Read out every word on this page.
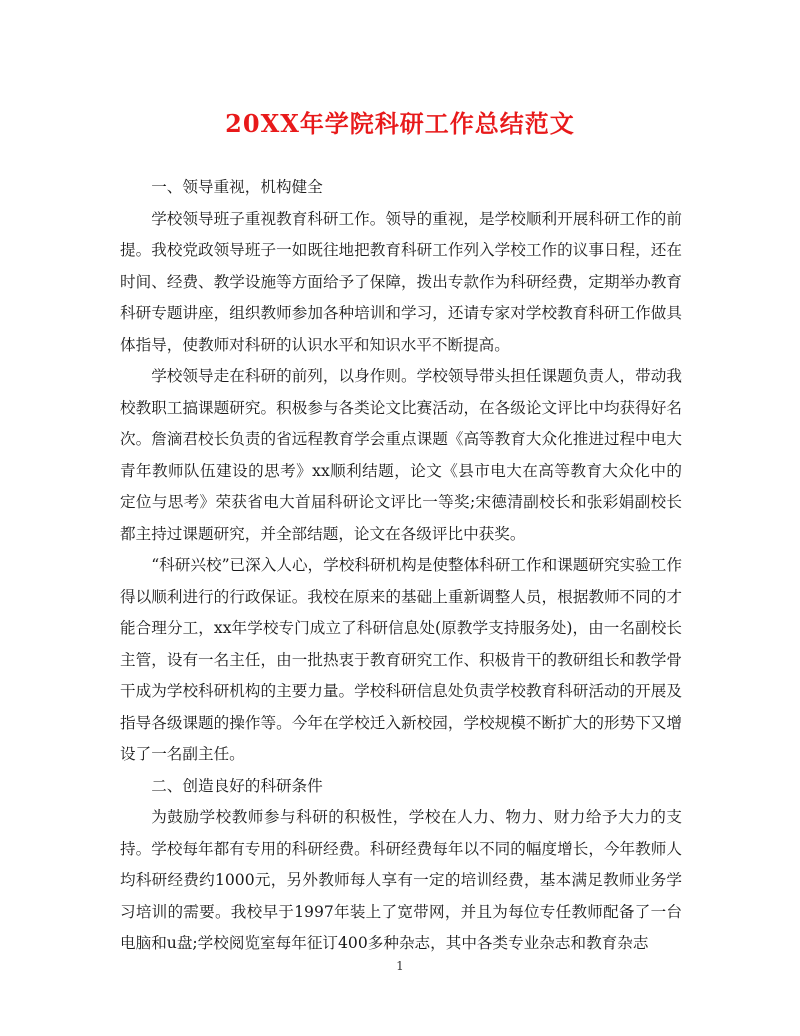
20XX年学院科研工作总结范文

一、领导重视，机构健全

学校领导班子重视教育科研工作。领导的重视，是学校顺利开展科研工作的前提。我校党政领导班子一如既往地把教育科研工作列入学校工作的议事日程，还在时间、经费、教学设施等方面给予了保障，拨出专款作为科研经费，定期举办教育科研专题讲座，组织教师参加各种培训和学习，还请专家对学校教育科研工作做具体指导，使教师对科研的认识水平和知识水平不断提高。

学校领导走在科研的前列，以身作则。学校领导带头担任课题负责人，带动我校教职工搞课题研究。积极参与各类论文比赛活动，在各级论文评比中均获得好名次。詹滴君校长负责的省远程教育学会重点课题《高等教育大众化推进过程中电大青年教师队伍建设的思考》xx顺利结题，论文《县市电大在高等教育大众化中的定位与思考》荣获省电大首届科研论文评比一等奖;宋德清副校长和张彩娟副校长都主持过课题研究，并全部结题，论文在各级评比中获奖。

“科研兴校”已深入人心，学校科研机构是使整体科研工作和课题研究实验工作得以顺利进行的行政保证。我校在原来的基础上重新调整人员，根据教师不同的才能合理分工，xx年学校专门成立了科研信息处(原教学支持服务处)，由一名副校长主管，设有一名主任，由一批热衷于教育研究工作、积极肯干的教研组长和教学骨干成为学校科研机构的主要力量。学校科研信息处负责学校教育科研活动的开展及指导各级课题的操作等。今年在学校迁入新校园，学校规模不断扩大的形势下又增设了一名副主任。

二、创造良好的科研条件

为鼓励学校教师参与科研的积极性，学校在人力、物力、财力给予大力的支持。学校每年都有专用的科研经费。科研经费每年以不同的幅度增长，今年教师人均科研经费约1000元，另外教师每人享有一定的培训经费，基本满足教师业务学习培训的需要。我校早于1997年装上了宽带网，并且为每位专任教师配备了一台电脑和u盘;学校阅览室每年征订400多种杂志，其中各类专业杂志和教育杂志

1
